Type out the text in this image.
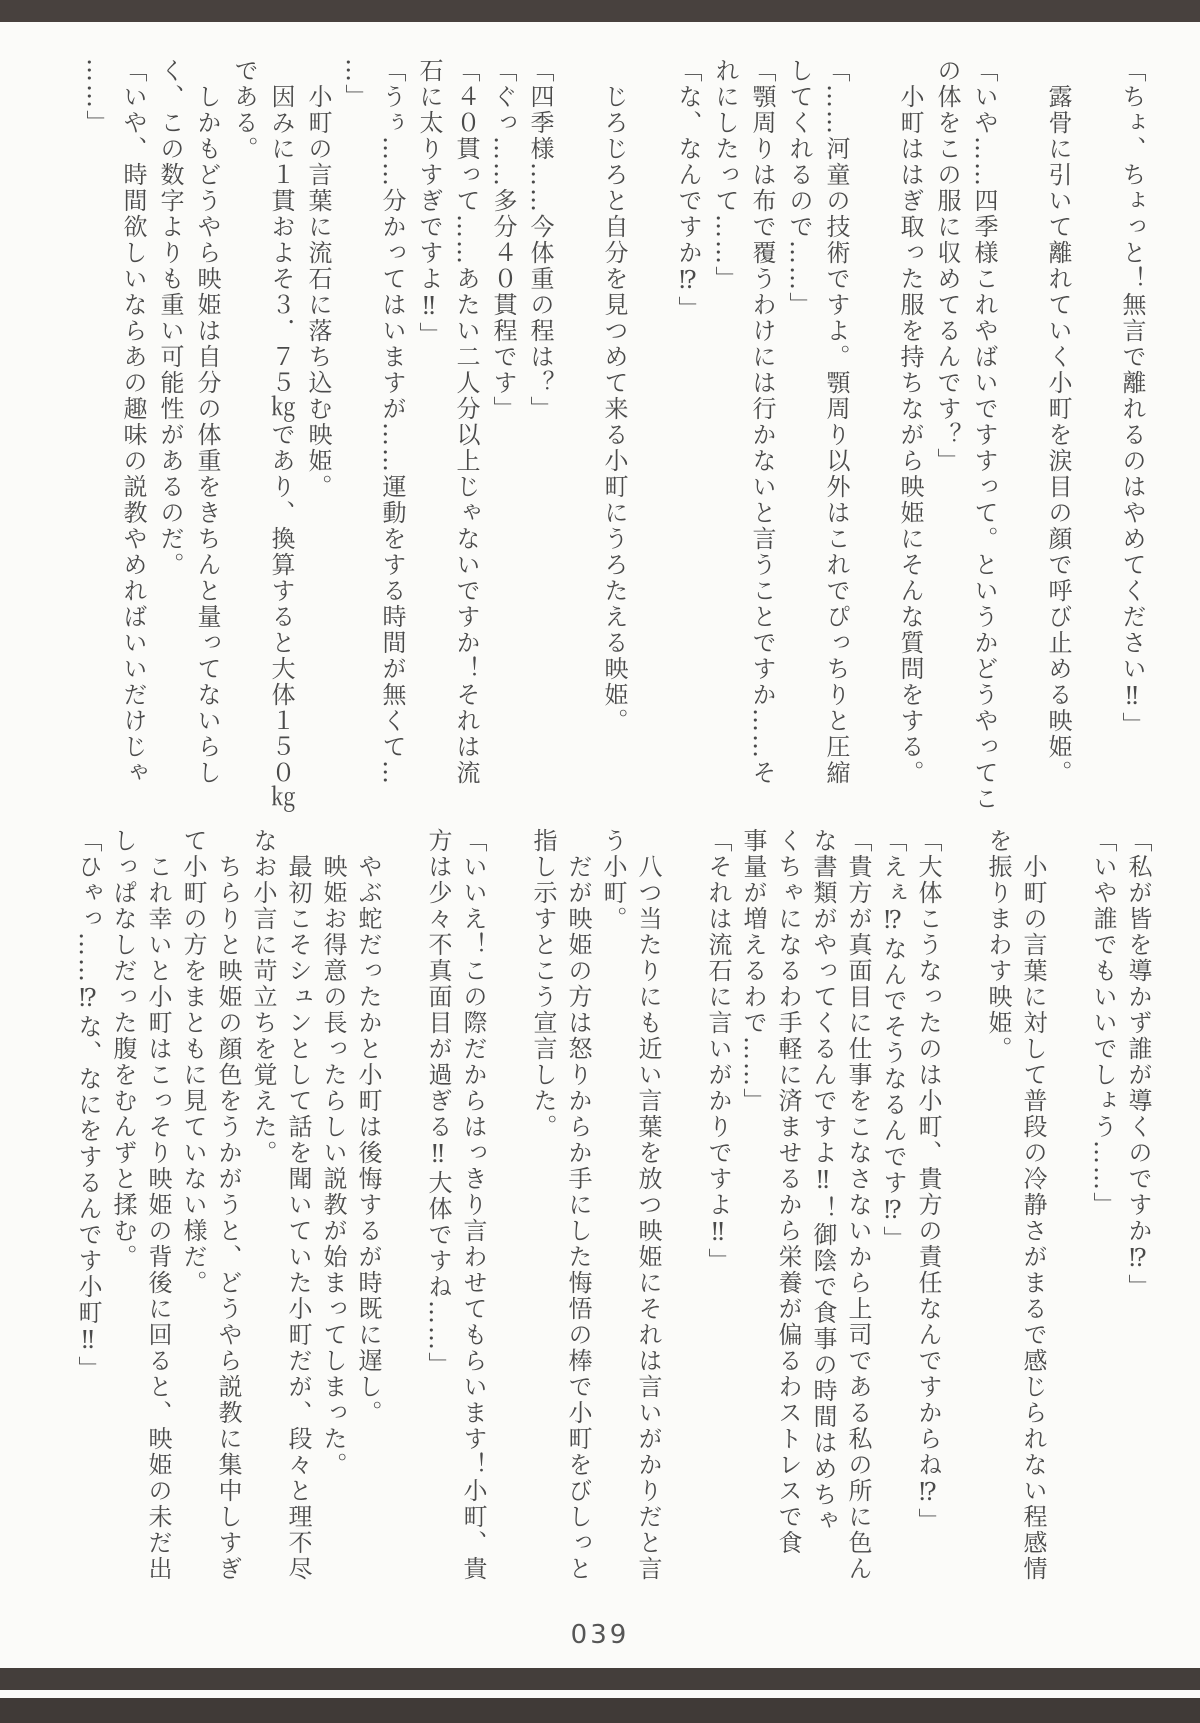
「ちょ、ちょっと！無言で離れるのはやめてください‼」

　露骨に引いて離れていく小町を涙目の顔で呼び止める映姫。

「いや……四季様これやばいですすって。というかどうやってこ
の体をこの服に収めてるんです？」
　小町ははぎ取った服を持ちながら映姫にそんな質問をする。

「……河童の技術ですよ。顎周り以外はこれでぴっちりと圧縮
してくれるので……」
「顎周りは布で覆うわけには行かないと言うことですか……そ
れにしたって……」
「な、なんですか⁉」

　じろじろと自分を見つめて来る小町にうろたえる映姫。

「四季様……今体重の程は？」
「ぐっ……多分４０貫程です」
「４０貫って……あたい二人分以上じゃないですか！それは流
石に太りすぎですよ‼」
「うぅ……分かってはいますが……運動をする時間が無くて…
…」
　小町の言葉に流石に落ち込む映姫。
　因みに１貫およそ３．７５㎏であり、換算すると大体１５０㎏
である。
　しかもどうやら映姫は自分の体重をきちんと量ってないらし
く、この数字よりも重い可能性があるのだ。
「いや、時間欲しいならあの趣味の説教やめればいいだけじゃ
……」
「私が皆を導かず誰が導くのですか⁉」
「いや誰でもいいでしょう……」

　小町の言葉に対して普段の冷静さがまるで感じられない程感情
を振りまわす映姫。

「大体こうなったのは小町、貴方の責任なんですからね⁉」
「えぇ⁉なんでそうなるんです⁉」
「貴方が真面目に仕事をこなさないから上司である私の所に色ん
な書類がやってくるんですよ‼！御陰で食事の時間はめちゃ
くちゃになるわ手軽に済ませるから栄養が偏るわストレスで食
事量が増えるわで……」
「それは流石に言いがかりですよ‼」

　八つ当たりにも近い言葉を放つ映姫にそれは言いがかりだと言
う小町。
　だが映姫の方は怒りからか手にした悔悟の棒で小町をびしっと
指し示すとこう宣言した。

「いいえ！この際だからはっきり言わせてもらいます！小町、貴
方は少々不真面目が過ぎる‼大体ですね……」

　やぶ蛇だったかと小町は後悔するが時既に遅し。
　映姫お得意の長ったらしい説教が始まってしまった。
　最初こそシュンとして話を聞いていた小町だが、段々と理不尽
なお小言に苛立ちを覚えた。
　ちらりと映姫の顔色をうかがうと、どうやら説教に集中しすぎ
て小町の方をまともに見ていない様だ。
　これ幸いと小町はこっそり映姫の背後に回ると、映姫の未だ出
しっぱなしだった腹をむんずと揉む。
「ひゃっ……⁉な、なにをするんです小町‼」
039
